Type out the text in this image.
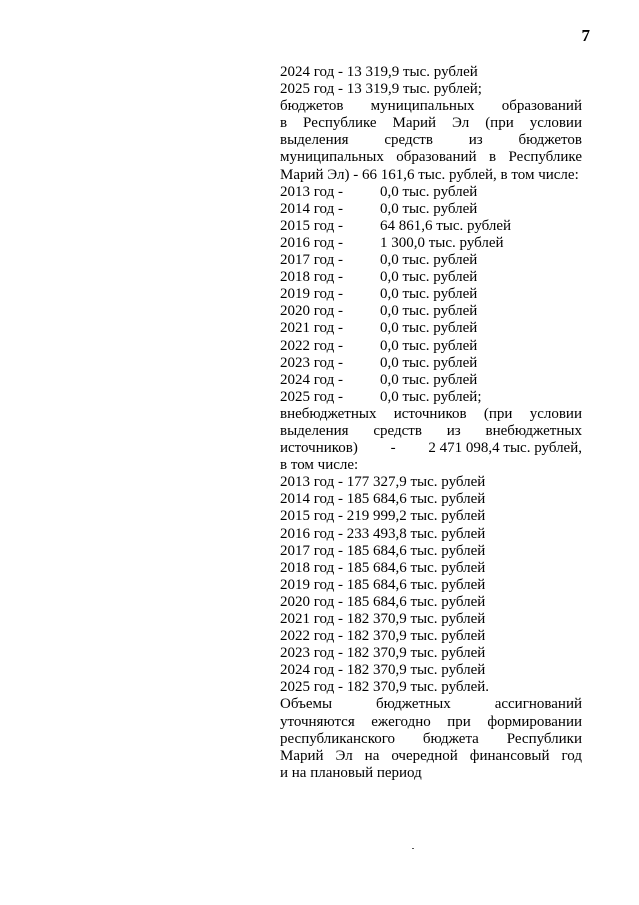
7
2024 год - 13 319,9 тыс. рублей
2025 год - 13 319,9 тыс. рублей;
бюджетов муниципальных образований
в Республике Марий Эл (при условии
выделения средств из бюджетов
муниципальных образований в Республике
Марий Эл) - 66 161,6 тыс. рублей, в том числе:
2013 год -	0,0 тыс. рублей
2014 год -	0,0 тыс. рублей
2015 год -	64 861,6 тыс. рублей
2016 год -	1 300,0 тыс. рублей
2017 год -	0,0 тыс. рублей
2018 год -	0,0 тыс. рублей
2019 год -	0,0 тыс. рублей
2020 год -	0,0 тыс. рублей
2021 год -	0,0 тыс. рублей
2022 год -	0,0 тыс. рублей
2023 год -	0,0 тыс. рублей
2024 год -	0,0 тыс. рублей
2025 год -	0,0 тыс. рублей;
внебюджетных источников (при условии
выделения средств из внебюджетных
источников) - 2 471 098,4 тыс. рублей,
в том числе:
2013 год - 177 327,9 тыс. рублей
2014 год - 185 684,6 тыс. рублей
2015 год - 219 999,2 тыс. рублей
2016 год - 233 493,8 тыс. рублей
2017 год - 185 684,6 тыс. рублей
2018 год - 185 684,6 тыс. рублей
2019 год - 185 684,6 тыс. рублей
2020 год - 185 684,6 тыс. рублей
2021 год - 182 370,9 тыс. рублей
2022 год - 182 370,9 тыс. рублей
2023 год - 182 370,9 тыс. рублей
2024 год - 182 370,9 тыс. рублей
2025 год - 182 370,9 тыс. рублей.
Объемы	бюджетных	ассигнований
уточняются ежегодно при формировании
республиканского бюджета Республики
Марий Эл на очередной финансовый год
и на плановый период
